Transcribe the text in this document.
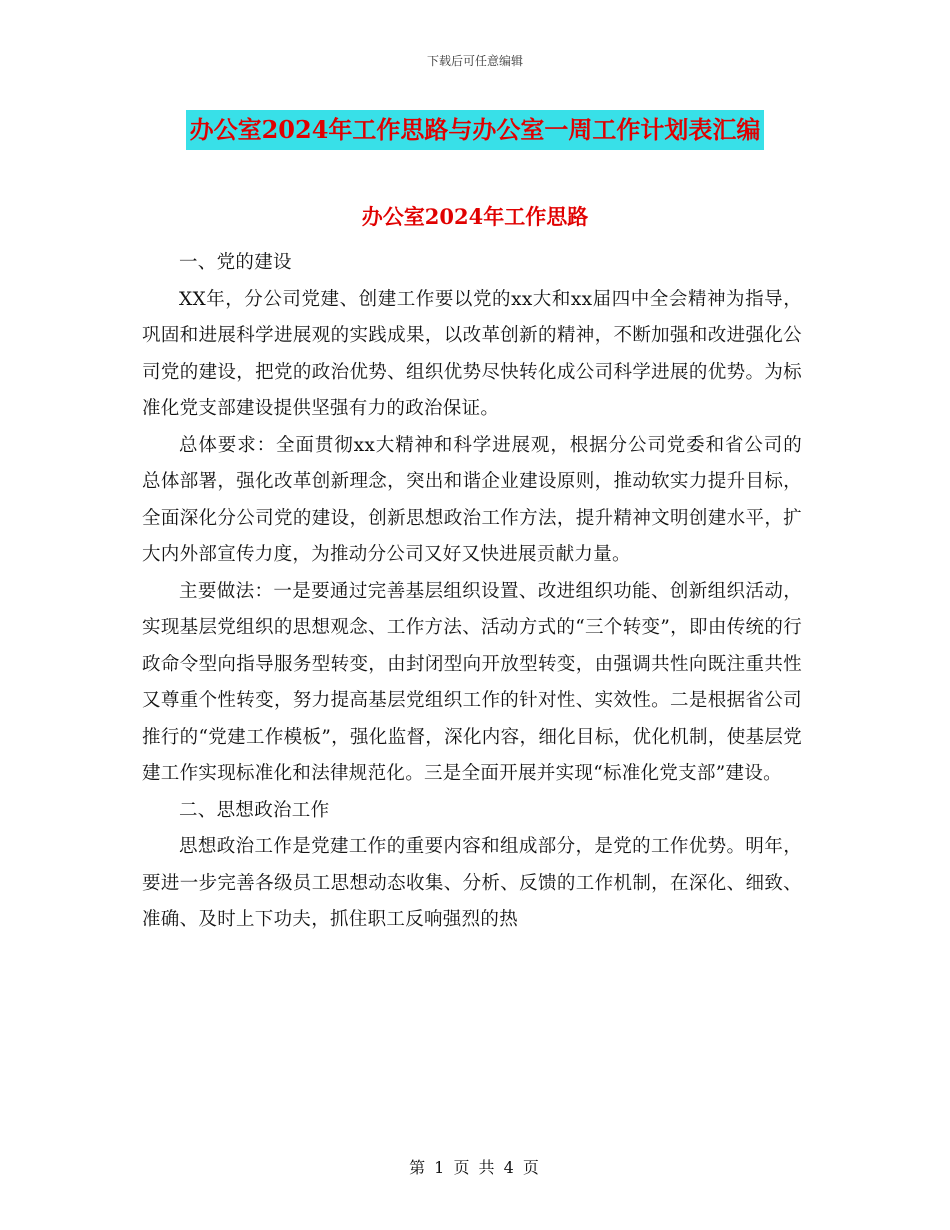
下载后可任意编辑
办公室2024年工作思路与办公室一周工作计划表汇编
办公室2024年工作思路

一、党的建设

XX年，分公司党建、创建工作要以党的xx大和xx届四中全会精神为指导，巩固和进展科学进展观的实践成果，以改革创新的精神，不断加强和改进强化公司党的建设，把党的政治优势、组织优势尽快转化成公司科学进展的优势。为标准化党支部建设提供坚强有力的政治保证。

总体要求：全面贯彻xx大精神和科学进展观，根据分公司党委和省公司的总体部署，强化改革创新理念，突出和谐企业建设原则，推动软实力提升目标，全面深化分公司党的建设，创新思想政治工作方法，提升精神文明创建水平，扩大内外部宣传力度，为推动分公司又好又快进展贡献力量。

主要做法：一是要通过完善基层组织设置、改进组织功能、创新组织活动，实现基层党组织的思想观念、工作方法、活动方式的“三个转变”，即由传统的行政命令型向指导服务型转变，由封闭型向开放型转变，由强调共性向既注重共性又尊重个性转变，努力提高基层党组织工作的针对性、实效性。二是根据省公司推行的“党建工作模板”，强化监督，深化内容，细化目标，优化机制，使基层党建工作实现标准化和法律规范化。三是全面开展并实现“标准化党支部”建设。

二、思想政治工作

思想政治工作是党建工作的重要内容和组成部分，是党的工作优势。明年，要进一步完善各级员工思想动态收集、分析、反馈的工作机制，在深化、细致、准确、及时上下功夫，抓住职工反响强烈的热

第 1 页 共 4 页
